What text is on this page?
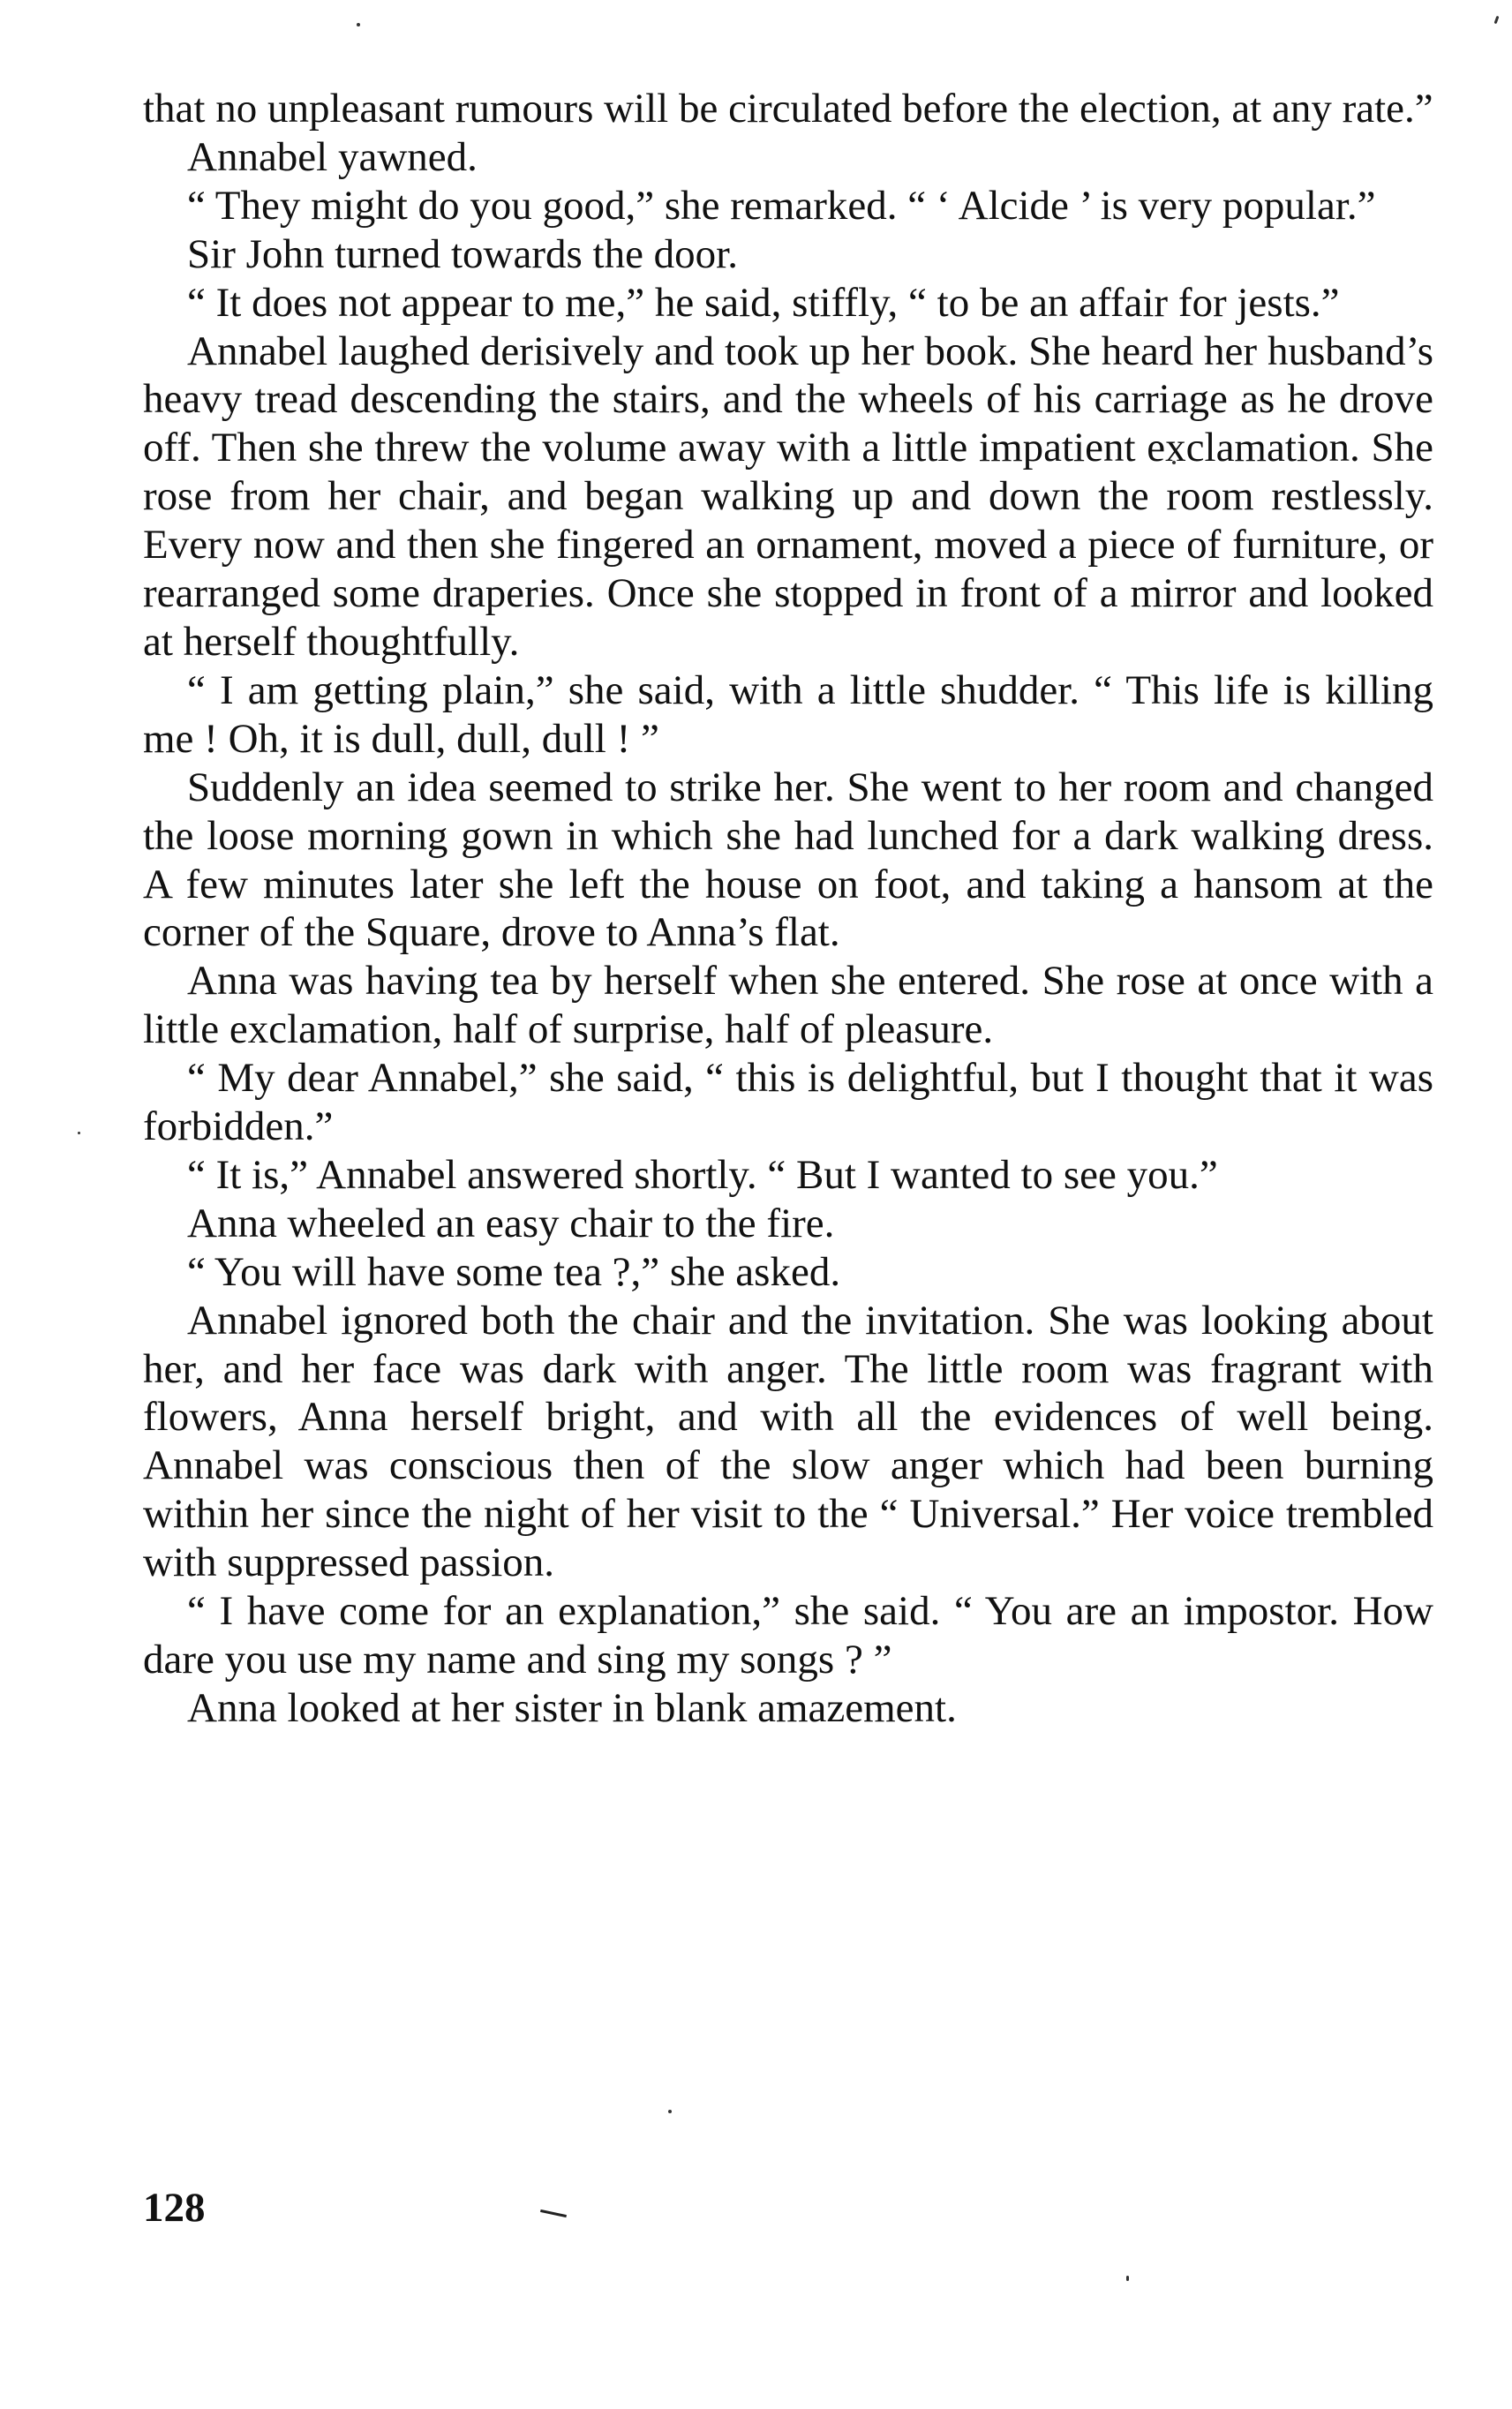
that no unpleasant rumours will be circulated before the election, at any rate.”

Annabel yawned.

“ They might do you good,” she remarked. “ ‘ Alcide ’ is very popular.”

Sir John turned towards the door.

“ It does not appear to me,” he said, stiffly, “ to be an affair for jests.”

Annabel laughed derisively and took up her book. She heard her husband’s heavy tread descending the stairs, and the wheels of his carriage as he drove off. Then she threw the volume away with a little impatient exclamation. She rose from her chair, and began walking up and down the room restlessly. Every now and then she fingered an ornament, moved a piece of furniture, or rearranged some draperies. Once she stopped in front of a mirror and looked at herself thoughtfully.

“ I am getting plain,” she said, with a little shudder. “ This life is killing me ! Oh, it is dull, dull, dull ! ”

Suddenly an idea seemed to strike her. She went to her room and changed the loose morning gown in which she had lunched for a dark walking dress. A few minutes later she left the house on foot, and taking a hansom at the corner of the Square, drove to Anna’s flat.

Anna was having tea by herself when she entered. She rose at once with a little exclamation, half of surprise, half of pleasure.

“ My dear Annabel,” she said, “ this is delightful, but I thought that it was forbidden.”

“ It is,” Annabel answered shortly. “ But I wanted to see you.”

Anna wheeled an easy chair to the fire.

“ You will have some tea ?,” she asked.

Annabel ignored both the chair and the invitation. She was looking about her, and her face was dark with anger. The little room was fragrant with flowers, Anna herself bright, and with all the evidences of well being. Annabel was conscious then of the slow anger which had been burning within her since the night of her visit to the “ Universal.” Her voice trembled with suppressed passion.

“ I have come for an explanation,” she said. “ You are an impostor. How dare you use my name and sing my songs ? ”

Anna looked at her sister in blank amazement.

128
